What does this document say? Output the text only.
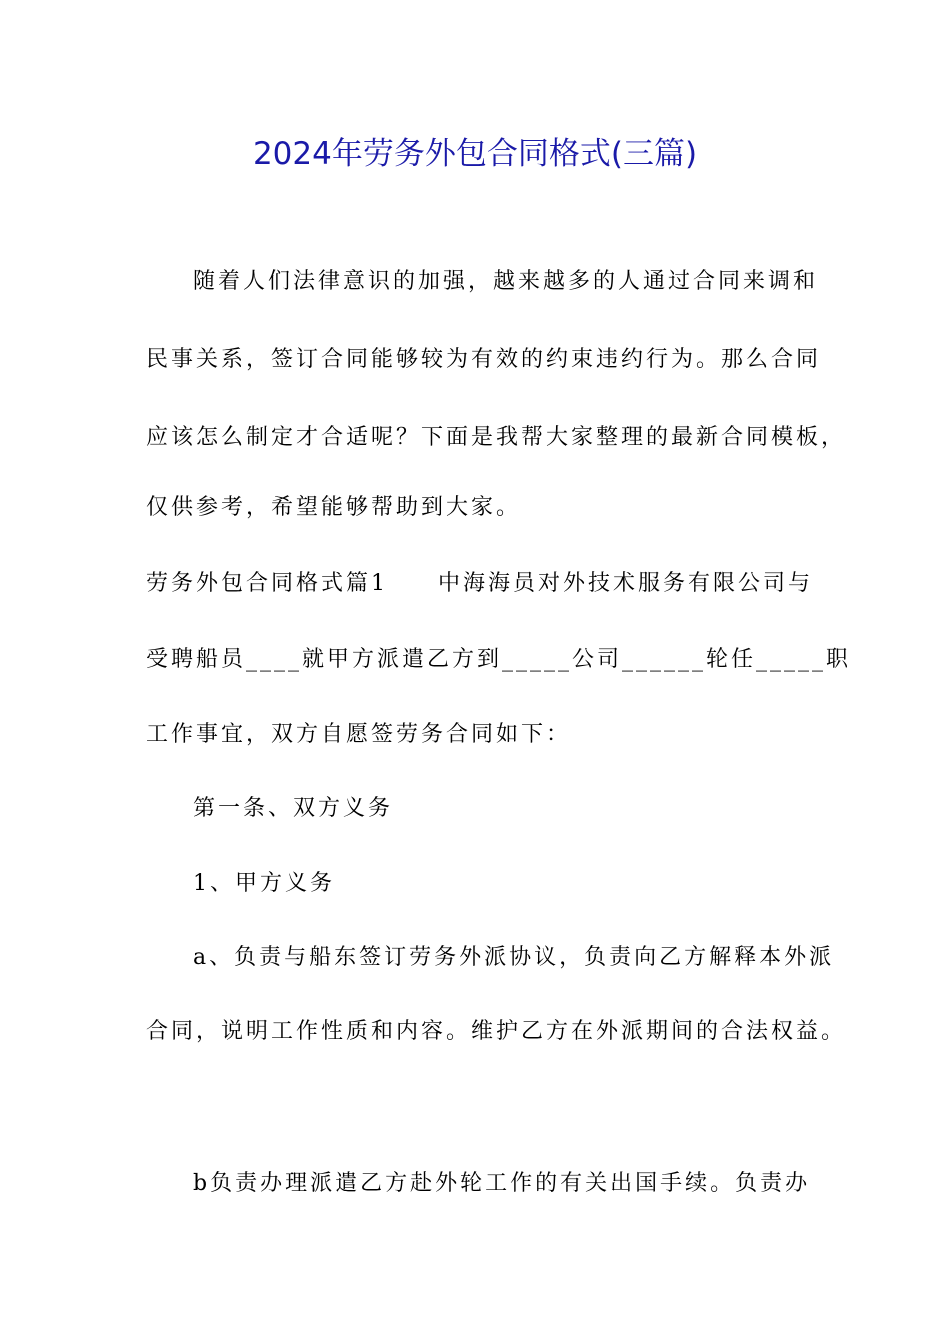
2024年劳务外包合同格式(三篇)
随着人们法律意识的加强，越来越多的人通过合同来调和
民事关系，签订合同能够较为有效的约束违约行为。那么合同
应该怎么制定才合适呢？下面是我帮大家整理的最新合同模板，
仅供参考，希望能够帮助到大家。
劳务外包合同格式篇1　　中海海员对外技术服务有限公司与
受聘船员____就甲方派遣乙方到_____公司______轮任_____职
工作事宜，双方自愿签劳务合同如下：
第一条、双方义务
1、甲方义务
a、负责与船东签订劳务外派协议，负责向乙方解释本外派
合同，说明工作性质和内容。维护乙方在外派期间的合法权益。
b负责办理派遣乙方赴外轮工作的有关出国手续。负责办
